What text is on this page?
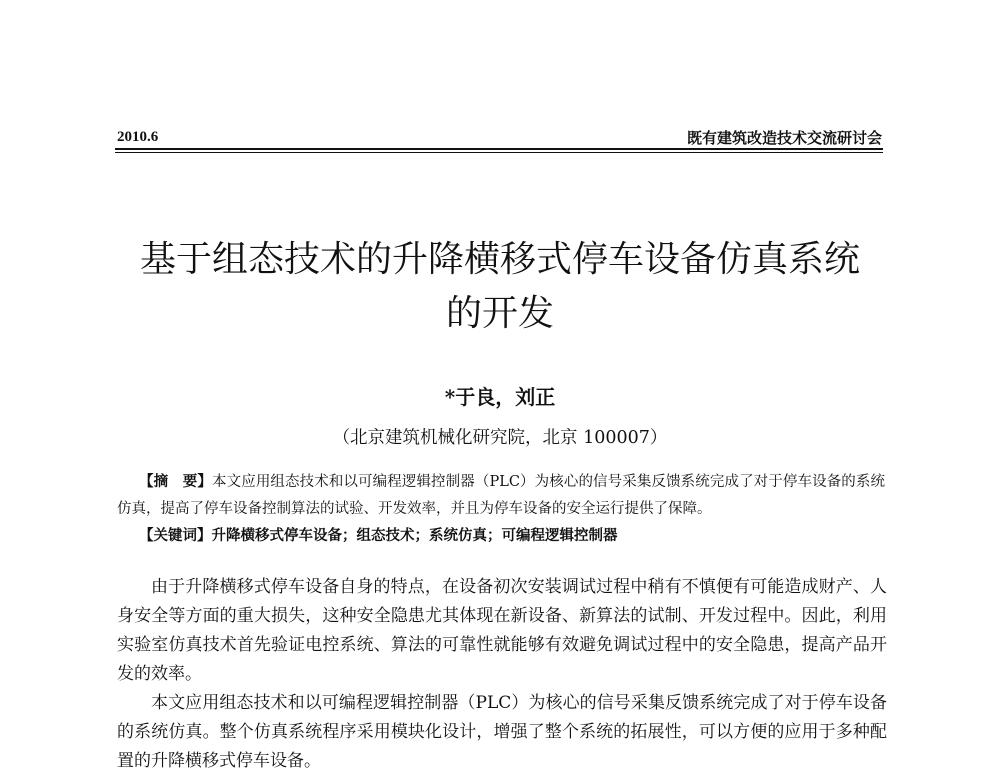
2010.6	既有建筑改造技术交流研讨会
基于组态技术的升降横移式停车设备仿真系统
的开发
*于良，刘正
（北京建筑机械化研究院，北京 100007）

【摘　要】本文应用组态技术和以可编程逻辑控制器（PLC）为核心的信号采集反馈系统完成了对于停车设备的系统仿真，提高了停车设备控制算法的试验、开发效率，并且为停车设备的安全运行提供了保障。

【关键词】升降横移式停车设备；组态技术；系统仿真；可编程逻辑控制器

由于升降横移式停车设备自身的特点，在设备初次安装调试过程中稍有不慎便有可能造成财产、人身安全等方面的重大损失，这种安全隐患尤其体现在新设备、新算法的试制、开发过程中。因此，利用实验室仿真技术首先验证电控系统、算法的可靠性就能够有效避免调试过程中的安全隐患，提高产品开发的效率。

本文应用组态技术和以可编程逻辑控制器（PLC）为核心的信号采集反馈系统完成了对于停车设备的系统仿真。整个仿真系统程序采用模块化设计，增强了整个系统的拓展性，可以方便的应用于多种配置的升降横移式停车设备。
